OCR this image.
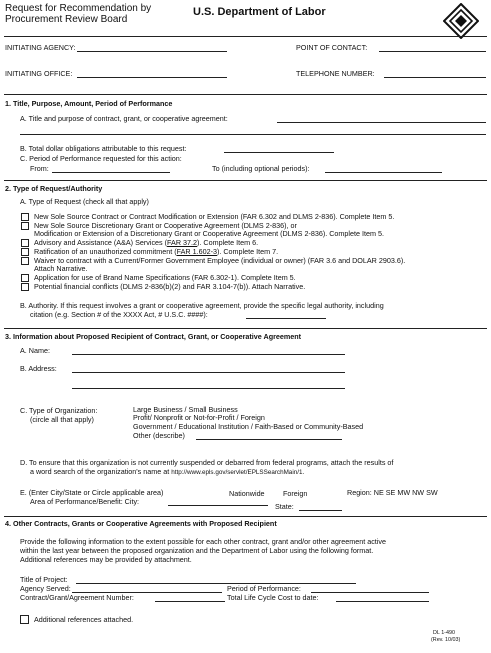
Request for Recommendation by
Procurement Review Board
U.S. Department of Labor
INITIATING AGENCY:	POINT OF CONTACT:
INITIATING OFFICE:	TELEPHONE NUMBER:
1. Title, Purpose, Amount, Period of Performance
A. Title and purpose of contract, grant, or cooperative agreement:
B. Total dollar obligations attributable to this request:
C. Period of Performance requested for this action:
From:	To (including optional periods):
2. Type of Request/Authority
A. Type of Request (check all that apply)
New Sole Source Contract or Contract Modification or Extension (FAR 6.302 and DLMS 2-836). Complete Item 5.
New Sole Source Discretionary Grant or Cooperative Agreement (DLMS 2-836), or
Modification or Extension of a Discretionary Grant or Cooperative Agreement (DLMS 2-836). Complete Item 5.
Advisory and Assistance (A&A) Services (FAR 37.2). Complete Item 6.
Ratification of an unauthorized commitment (FAR 1.602-3). Complete Item 7.
Waiver to contract with a Current/Former Government Employee (individual or owner) (FAR 3.6 and DOLAR 2903.6).
Attach Narrative.
Application for use of Brand Name Specifications (FAR 6.302-1). Complete Item 5.
Potential financial conflicts (DLMS 2-836(b)(2) and FAR 3.104-7(b)). Attach Narrative.
B. Authority. If this request involves a grant or cooperative agreement, provide the specific legal authority, including
citation (e.g. Section # of the XXXX Act, # U.S.C. ####):
3. Information about Proposed Recipient of Contract, Grant, or Cooperative Agreement
A. Name:
B. Address:
C. Type of Organization:
(circle all that apply)
Large Business / Small Business
Profit/ Nonprofit or Not-for-Profit / Foreign
Government / Educational Institution / Faith-Based or Community-Based
Other (describe)
D. To ensure that this organization is not currently suspended or debarred from federal programs, attach the results of
a word search of the organization's name at http://www.epls.gov/servlet/EPLSSearchMain/1.
E. (Enter City/State or Circle applicable area)	Nationwide	Foreign	Region: NE SE MW NW SW
Area of Performance/Benefit: City:
State:
4. Other Contracts, Grants or Cooperative Agreements with Proposed Recipient
Provide the following information to the extent possible for each other contract, grant and/or other agreement active
within the last year between the proposed organization and the Department of Labor using the following format.
Additional references may be provided by attachment.
Title of Project:
Agency Served:	Period of Performance:
Contract/Grant/Agreement Number:	Total Life Cycle Cost to date:
Additional references attached.
DL 1-490
(Rev. 10/03)
